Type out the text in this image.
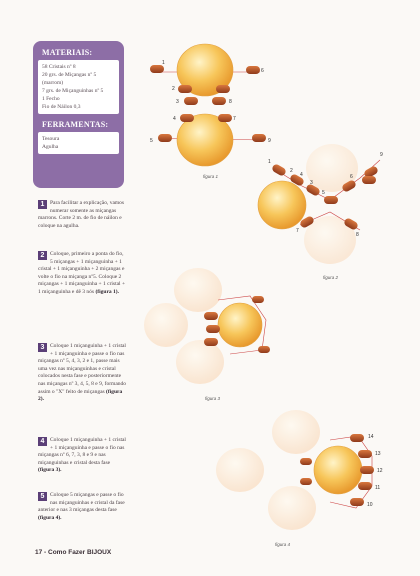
MATERIAIS:
58 Cristais nº 8
20 grs. de Miçangas nº 5
(marrom)
7 grs. de Miçanguinhas nº 5
1 Fecho
Fio de Náilon 0,3
FERRAMENTAS:
Tesoura
Agulha
1	Para facilitar a explicação, vamos numerar somente as miçangas marrons. Corte 2 m. de fio de náilon e coloque na agulha.
2	Coloque, primeiro a ponta do fio, 5 miçangas + 1 miçanguinha + 1 cristal + 1 miçanguinha + 2 miçangas e volte o fio na miçanga nº5. Coloque 2 miçangas + 1 miçanguinha + 1 cristal + 1 miçanguinha e dê 3 nós (figura 1).
3	Coloque 1 miçanguinha + 1 cristal + 1 miçanguinha e passe o fio nas miçangas nº 5, 4, 3, 2 e 1, passe mais uma vez nas miçanguinhas e cristal colocados nesta fase e posteriormente nas miçangas nº 3, 4, 5, 8 e 9, formando assim o "X" feito de miçangas (figura 2).
4	Coloque 1 miçanguinha + 1 cristal + 1 miçanguinha e passe o fio nas miçangas nº 6, 7, 3, 8 e 9 e nas miçanguinhas e cristal desta fase (figura 3).
5	Coloque 5 miçangas e passe o fio nas miçanguinhas e cristal da fase anterior e nas 3 miçangas desta fase (figura 4).
1
6
2
3	8
4	7
5	9
figura 1
1
9
4
5
6
2
3
7
8
figura 2
figura 3
14
13
12
11
10
figura 4
17 - Como Fazer BIJOUX
